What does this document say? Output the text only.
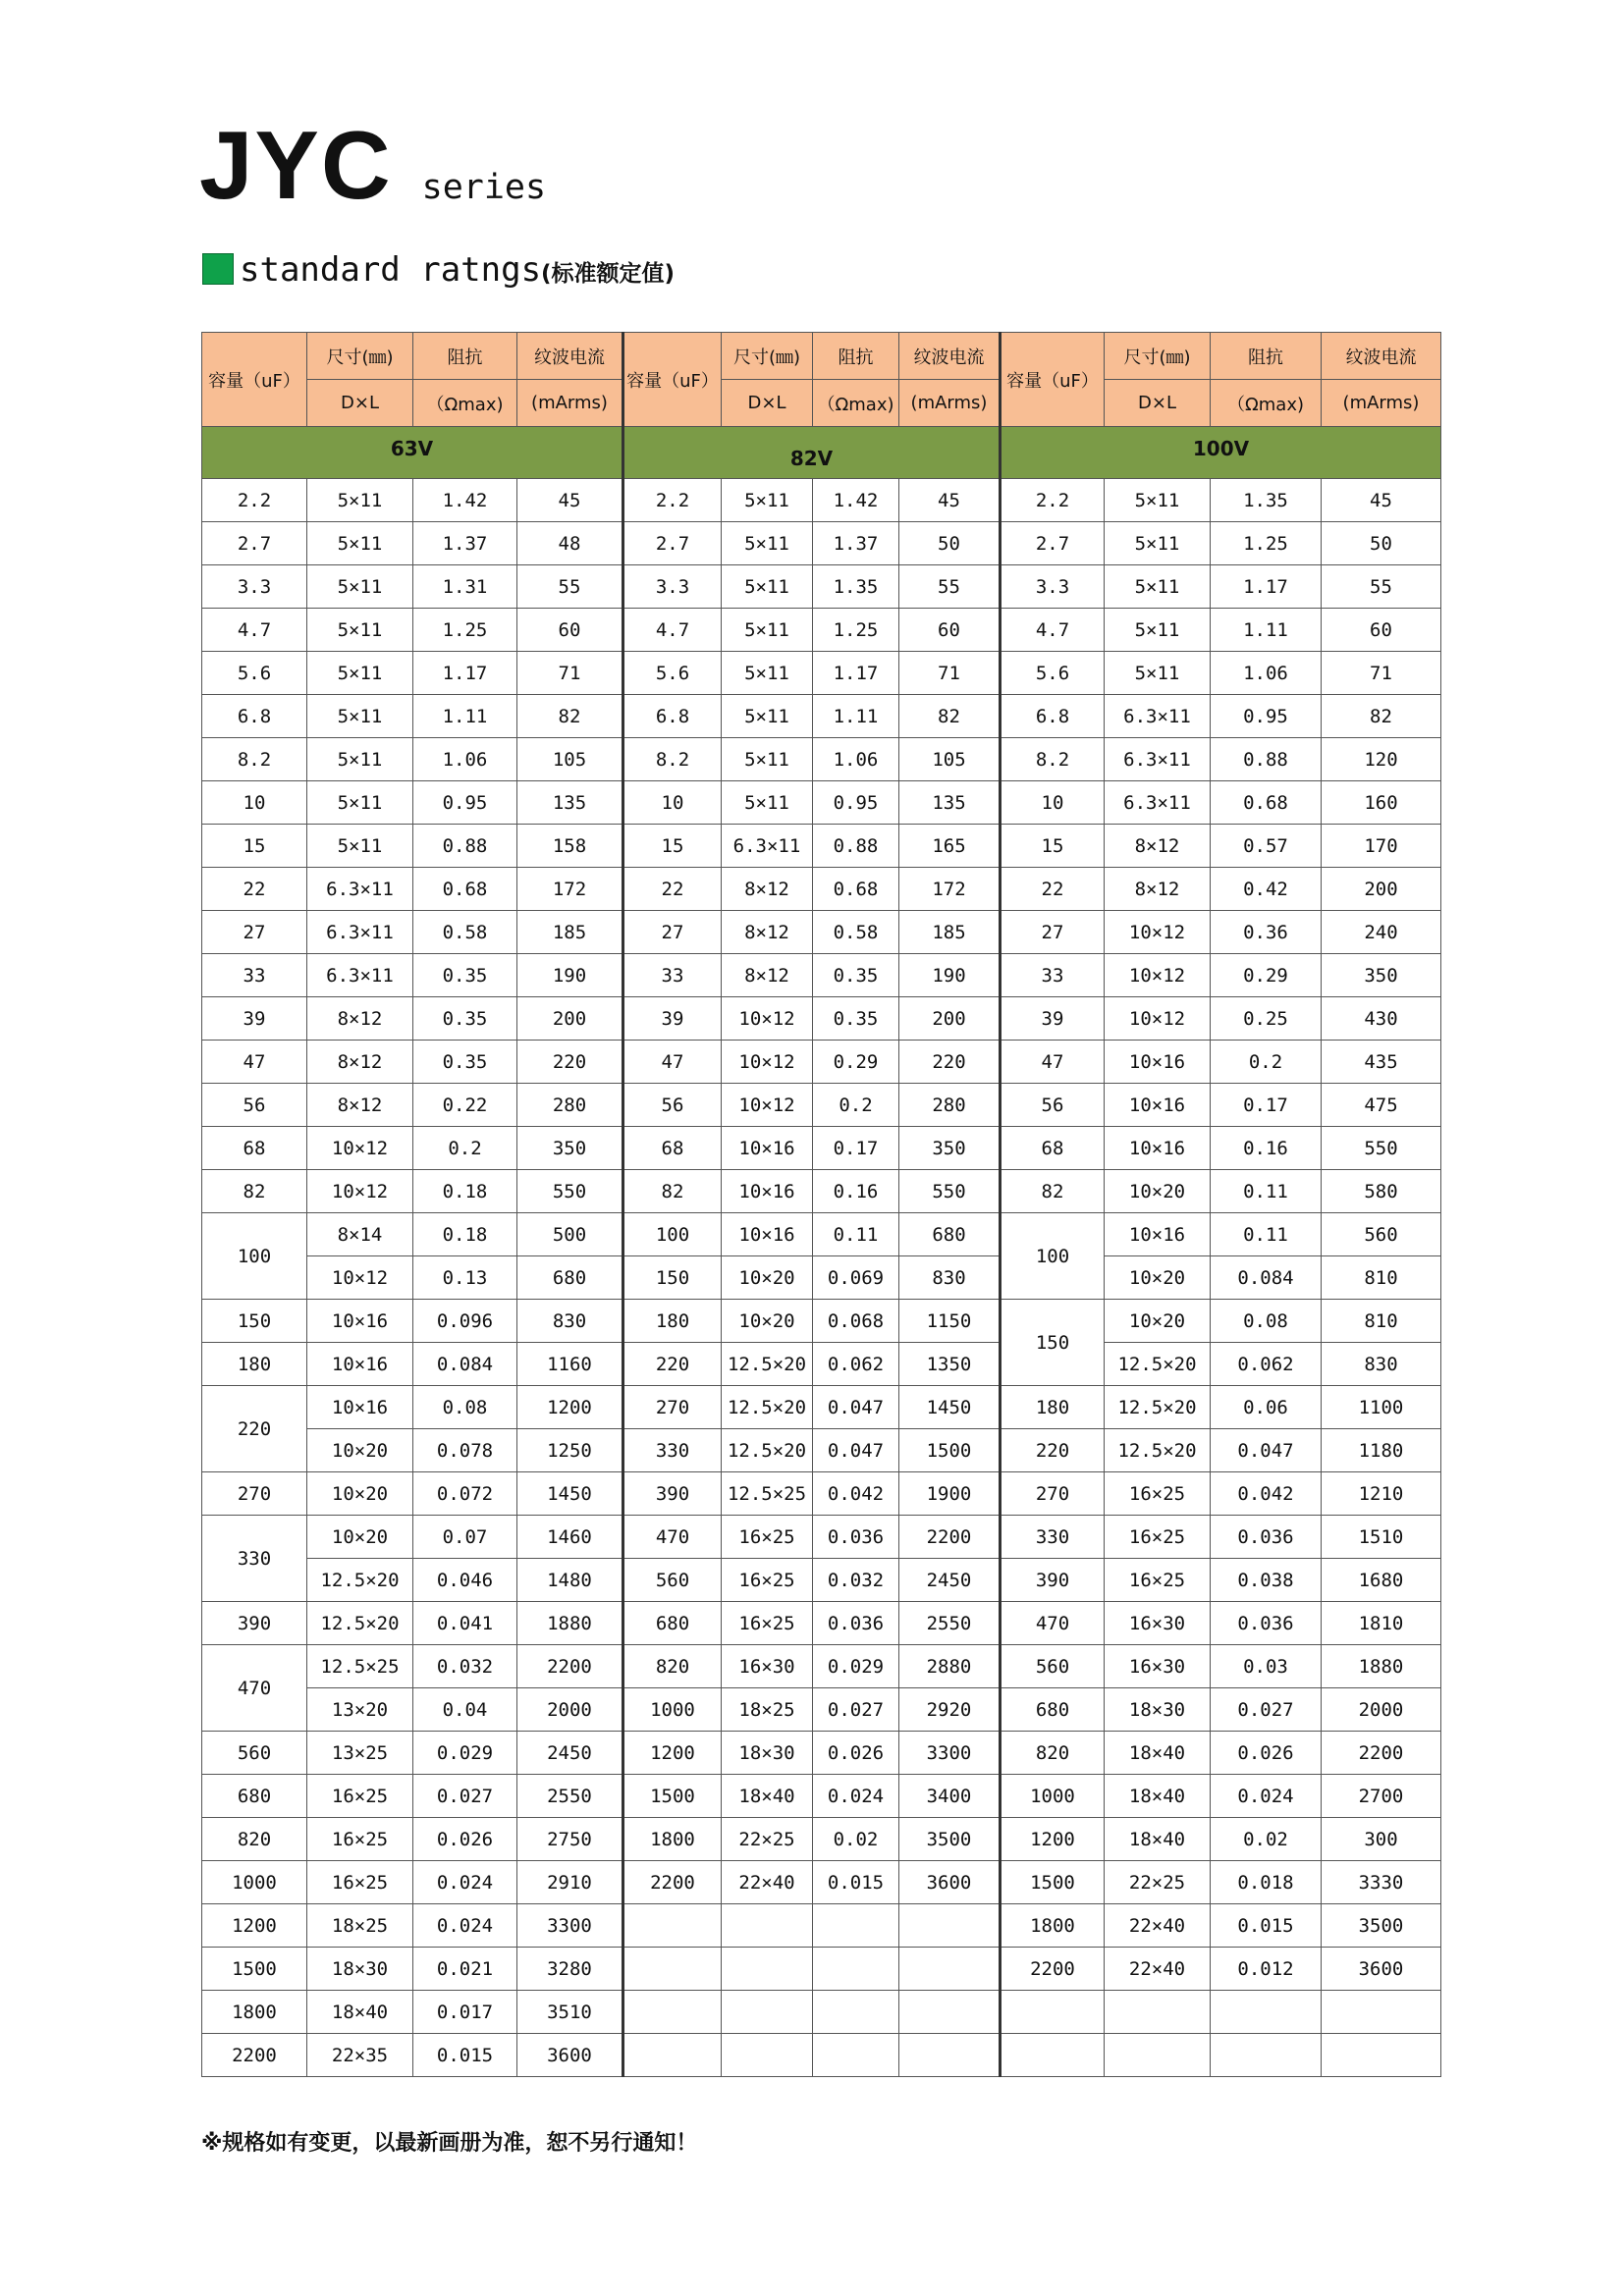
JYC series
standard ratngs(标准额定值)
容量（uF）	尺寸(㎜)	阻抗	纹波电流	容量（uF）	尺寸(㎜)	阻抗	纹波电流	容量（uF）	尺寸(㎜)	阻抗	纹波电流
	D×L	（Ωmax)	(mArms)		D×L	（Ωmax)	(mArms)		D×L	（Ωmax)	(mArms)
63V				82V				100V			
2.2	5×11	1.42	45	2.2	5×11	1.42	45	2.2	5×11	1.35	45
2.7	5×11	1.37	48	2.7	5×11	1.37	50	2.7	5×11	1.25	50
3.3	5×11	1.31	55	3.3	5×11	1.35	55	3.3	5×11	1.17	55
4.7	5×11	1.25	60	4.7	5×11	1.25	60	4.7	5×11	1.11	60
5.6	5×11	1.17	71	5.6	5×11	1.17	71	5.6	5×11	1.06	71
6.8	5×11	1.11	82	6.8	5×11	1.11	82	6.8	6.3×11	0.95	82
8.2	5×11	1.06	105	8.2	5×11	1.06	105	8.2	6.3×11	0.88	120
10	5×11	0.95	135	10	5×11	0.95	135	10	6.3×11	0.68	160
15	5×11	0.88	158	15	6.3×11	0.88	165	15	8×12	0.57	170
22	6.3×11	0.68	172	22	8×12	0.68	172	22	8×12	0.42	200
27	6.3×11	0.58	185	27	8×12	0.58	185	27	10×12	0.36	240
33	6.3×11	0.35	190	33	8×12	0.35	190	33	10×12	0.29	350
39	8×12	0.35	200	39	10×12	0.35	200	39	10×12	0.25	430
47	8×12	0.35	220	47	10×12	0.29	220	47	10×16	0.2	435
56	8×12	0.22	280	56	10×12	0.2	280	56	10×16	0.17	475
68	10×12	0.2	350	68	10×16	0.17	350	68	10×16	0.16	550
82	10×12	0.18	550	82	10×16	0.16	550	82	10×20	0.11	580
100	8×14	0.18	500	100	10×16	0.11	680	100	10×16	0.11	560
	10×12	0.13	680	150	10×20	0.069	830		10×20	0.084	810
150	10×16	0.096	830	180	10×20	0.068	1150	150	10×20	0.08	810
180	10×16	0.084	1160	220	12.5×20	0.062	1350		12.5×20	0.062	830
220	10×16	0.08	1200	270	12.5×20	0.047	1450	180	12.5×20	0.06	1100
	10×20	0.078	1250	330	12.5×20	0.047	1500	220	12.5×20	0.047	1180
270	10×20	0.072	1450	390	12.5×25	0.042	1900	270	16×25	0.042	1210
330	10×20	0.07	1460	470	16×25	0.036	2200	330	16×25	0.036	1510
	12.5×20	0.046	1480	560	16×25	0.032	2450	390	16×25	0.038	1680
390	12.5×20	0.041	1880	680	16×25	0.036	2550	470	16×30	0.036	1810
470	12.5×25	0.032	2200	820	16×30	0.029	2880	560	16×30	0.03	1880
	13×20	0.04	2000	1000	18×25	0.027	2920	680	18×30	0.027	2000
560	13×25	0.029	2450	1200	18×30	0.026	3300	820	18×40	0.026	2200
680	16×25	0.027	2550	1500	18×40	0.024	3400	1000	18×40	0.024	2700
820	16×25	0.026	2750	1800	22×25	0.02	3500	1200	18×40	0.02	300
1000	16×25	0.024	2910	2200	22×40	0.015	3600	1500	22×25	0.018	3330
1200	18×25	0.024	3300					1800	22×40	0.015	3500
1500	18×30	0.021	3280					2200	22×40	0.012	3600
1800	18×40	0.017	3510								
2200	22×35	0.015	3600								
※规格如有变更，以最新画册为准，恕不另行通知！
